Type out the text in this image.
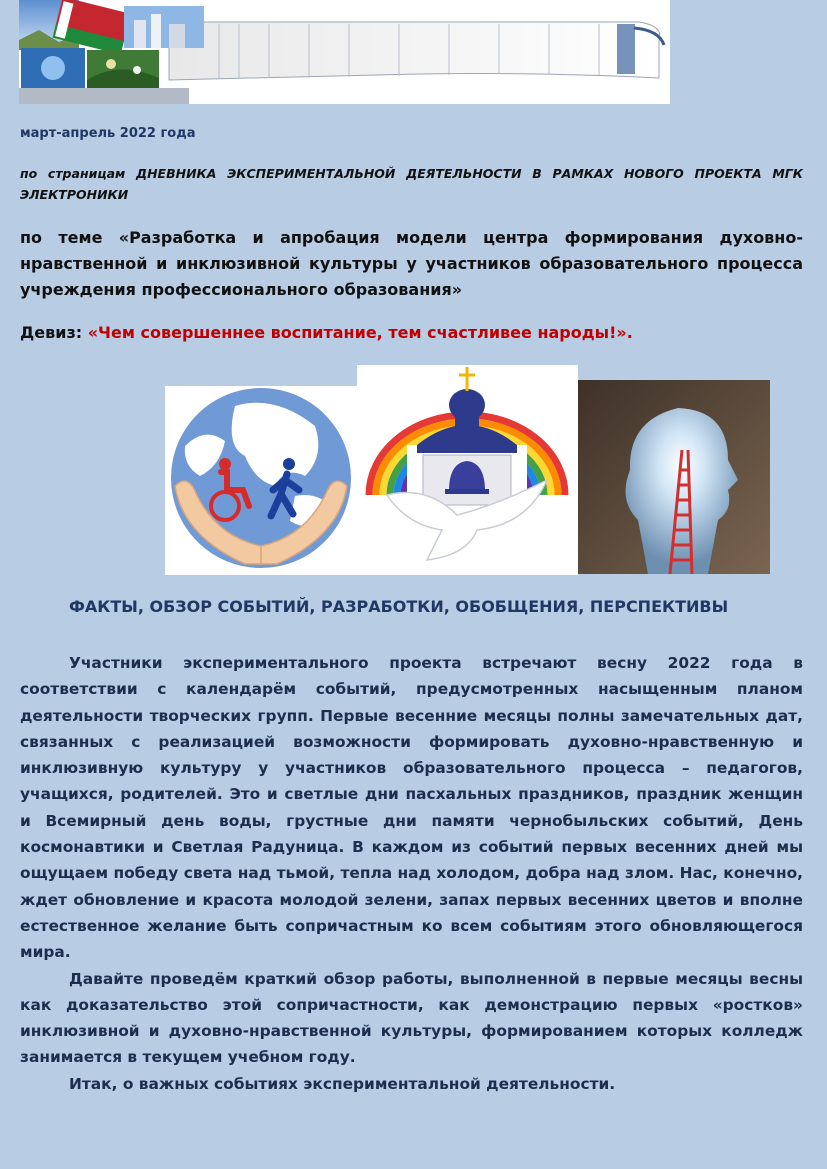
март-апрель 2022 года
по страницам ДНЕВНИКА ЭКСПЕРИМЕНТАЛЬНОЙ ДЕЯТЕЛЬНОСТИ В РАМКАХ НОВОГО ПРОЕКТА МГК ЭЛЕКТРОНИКИ
по теме «Разработка и апробация модели центра формирования духовно-нравственной и инклюзивной культуры у участников образовательного процесса учреждения профессионального образования»
Девиз: «Чем совершеннее воспитание, тем счастливее народы!».
ФАКТЫ, ОБЗОР СОБЫТИЙ, РАЗРАБОТКИ, ОБОБЩЕНИЯ, ПЕРСПЕКТИВЫ

Участники экспериментального проекта встречают весну 2022 года в соответствии с календарём событий, предусмотренных насыщенным планом деятельности творческих групп. Первые весенние месяцы полны замечательных дат, связанных с реализацией возможности формировать духовно-нравственную и инклюзивную культуру у участников образовательного процесса – педагогов, учащихся, родителей. Это и светлые дни пасхальных праздников, праздник женщин и Всемирный день воды, грустные дни памяти чернобыльских событий, День космонавтики и Светлая Радуница. В каждом из событий первых весенних дней мы ощущаем победу света над тьмой, тепла над холодом, добра над злом. Нас, конечно, ждет обновление и красота молодой зелени, запах первых весенних цветов и вполне естественное желание быть сопричастным ко всем событиям этого обновляющегося мира.

Давайте проведём краткий обзор работы, выполненной в первые месяцы весны как доказательство этой сопричастности, как демонстрацию первых «ростков» инклюзивной и духовно-нравственной культуры, формированием которых колледж занимается в текущем учебном году.

Итак, о важных событиях экспериментальной деятельности.
